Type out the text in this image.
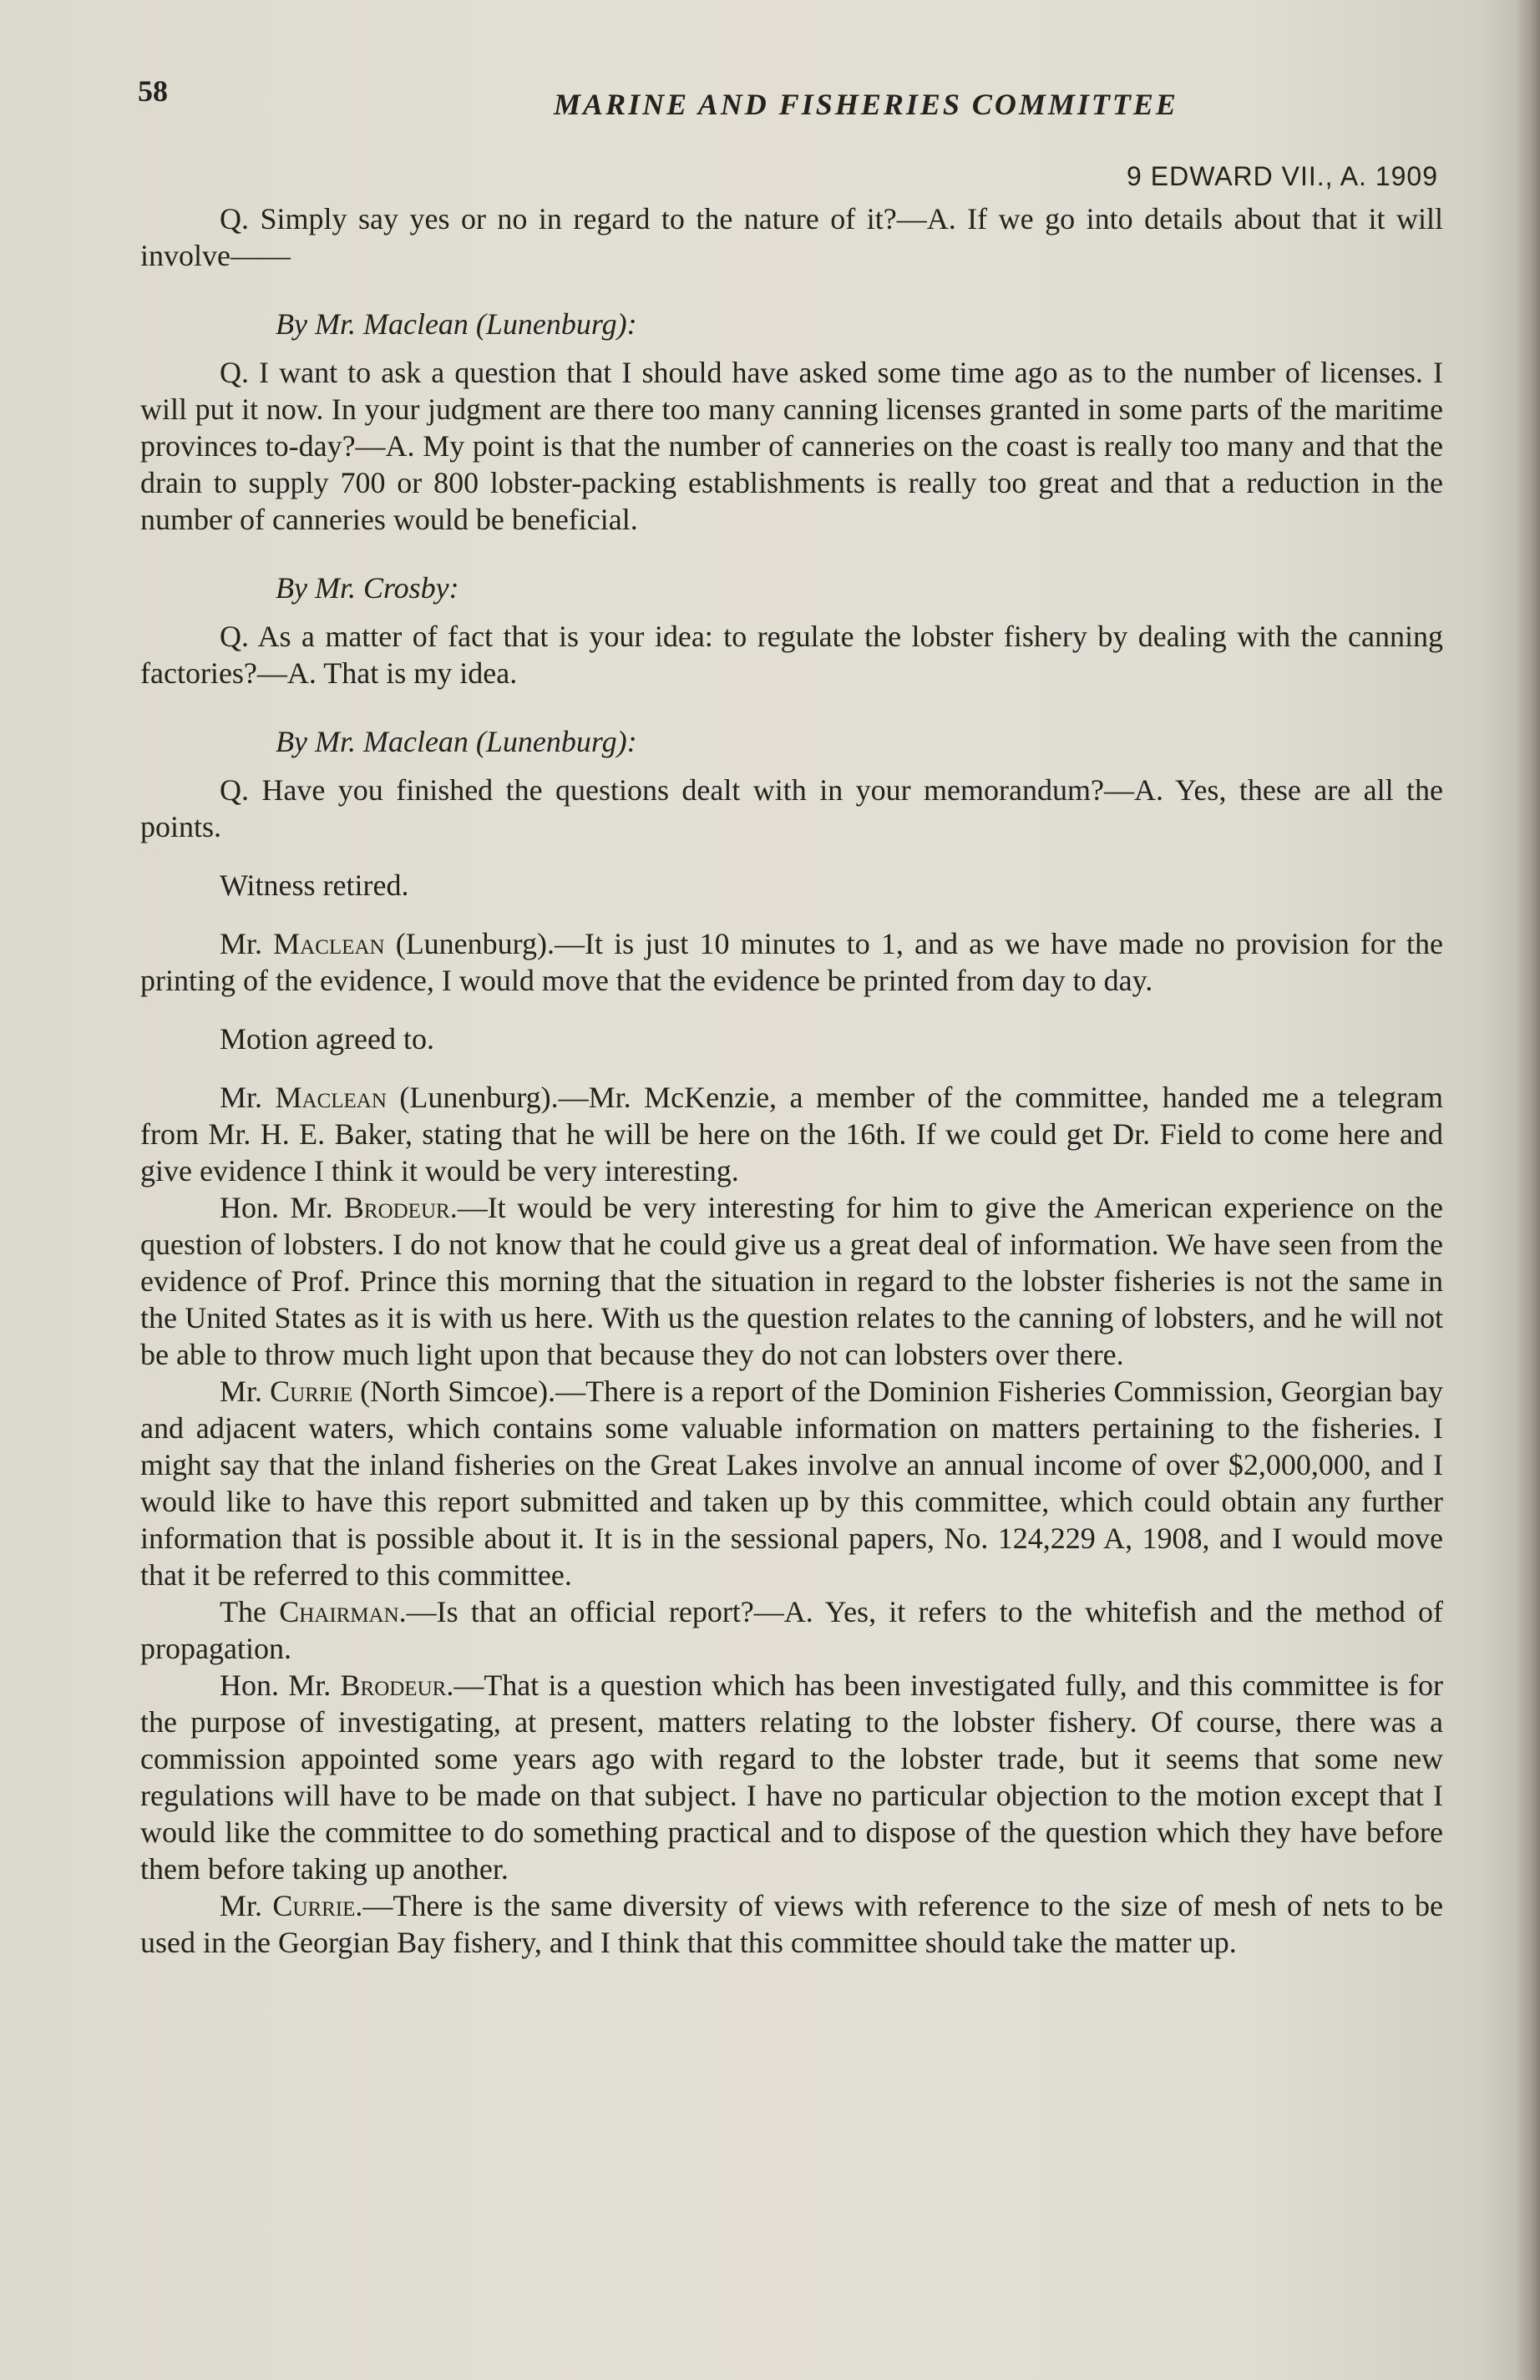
58	MARINE AND FISHERIES COMMITTEE
9 EDWARD VII., A. 1909

Q. Simply say yes or no in regard to the nature of it?—A. If we go into details about that it will involve——

By Mr. Maclean (Lunenburg):

Q. I want to ask a question that I should have asked some time ago as to the number of licenses. I will put it now. In your judgment are there too many canning licenses granted in some parts of the maritime provinces to-day?—A. My point is that the number of canneries on the coast is really too many and that the drain to supply 700 or 800 lobster-packing establishments is really too great and that a reduction in the number of canneries would be beneficial.

By Mr. Crosby:

Q. As a matter of fact that is your idea: to regulate the lobster fishery by dealing with the canning factories?—A. That is my idea.

By Mr. Maclean (Lunenburg):

Q. Have you finished the questions dealt with in your memorandum?—A. Yes, these are all the points.

Witness retired.

Mr. Maclean (Lunenburg).—It is just 10 minutes to 1, and as we have made no provision for the printing of the evidence, I would move that the evidence be printed from day to day.

Motion agreed to.

Mr. Maclean (Lunenburg).—Mr. McKenzie, a member of the committee, handed me a telegram from Mr. H. E. Baker, stating that he will be here on the 16th. If we could get Dr. Field to come here and give evidence I think it would be very interesting.

Hon. Mr. Brodeur.—It would be very interesting for him to give the American experience on the question of lobsters. I do not know that he could give us a great deal of information. We have seen from the evidence of Prof. Prince this morning that the situation in regard to the lobster fisheries is not the same in the United States as it is with us here. With us the question relates to the canning of lobsters, and he will not be able to throw much light upon that because they do not can lobsters over there.

Mr. Currie (North Simcoe).—There is a report of the Dominion Fisheries Commission, Georgian bay and adjacent waters, which contains some valuable information on matters pertaining to the fisheries. I might say that the inland fisheries on the Great Lakes involve an annual income of over $2,000,000, and I would like to have this report submitted and taken up by this committee, which could obtain any further information that is possible about it. It is in the sessional papers, No. 124,229 A, 1908, and I would move that it be referred to this committee.

The Chairman.—Is that an official report?—A. Yes, it refers to the whitefish and the method of propagation.

Hon. Mr. Brodeur.—That is a question which has been investigated fully, and this committee is for the purpose of investigating, at present, matters relating to the lobster fishery. Of course, there was a commission appointed some years ago with regard to the lobster trade, but it seems that some new regulations will have to be made on that subject. I have no particular objection to the motion except that I would like the committee to do something practical and to dispose of the question which they have before them before taking up another.

Mr. Currie.—There is the same diversity of views with reference to the size of mesh of nets to be used in the Georgian Bay fishery, and I think that this committee should take the matter up.
